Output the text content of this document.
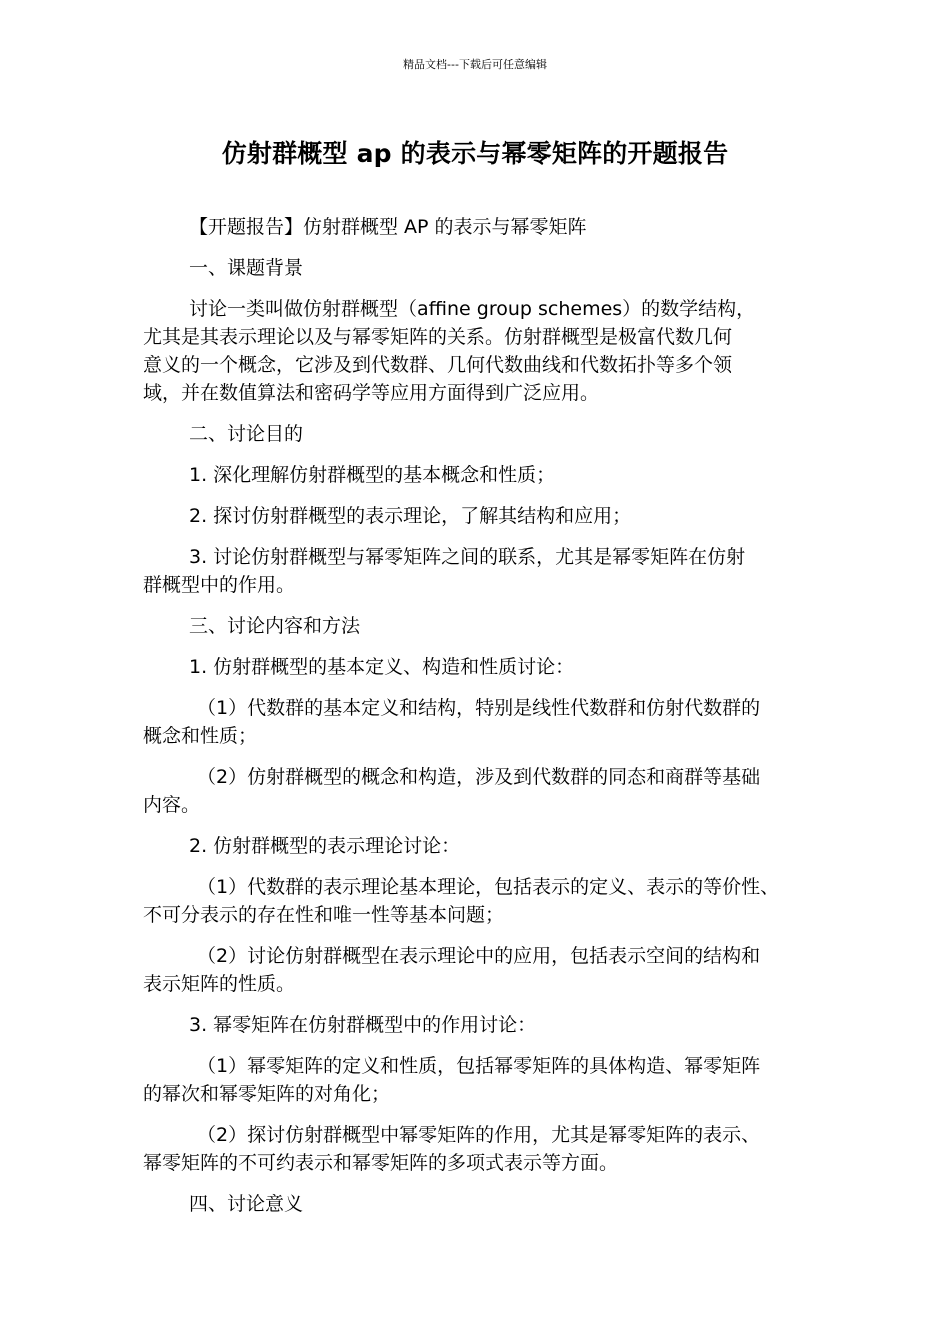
精品文档---下载后可任意编辑
仿射群概型 ap 的表示与幂零矩阵的开题报告

【开题报告】仿射群概型 AP 的表示与幂零矩阵

一、课题背景

讨论一类叫做仿射群概型（affine group schemes）的数学结构，
尤其是其表示理论以及与幂零矩阵的关系。仿射群概型是极富代数几何
意义的一个概念，它涉及到代数群、几何代数曲线和代数拓扑等多个领
域，并在数值算法和密码学等应用方面得到广泛应用。

二、讨论目的

1. 深化理解仿射群概型的基本概念和性质；

2. 探讨仿射群概型的表示理论，了解其结构和应用；

3. 讨论仿射群概型与幂零矩阵之间的联系，尤其是幂零矩阵在仿射
群概型中的作用。

三、讨论内容和方法

1. 仿射群概型的基本定义、构造和性质讨论：

（1）代数群的基本定义和结构，特别是线性代数群和仿射代数群的
概念和性质；

（2）仿射群概型的概念和构造，涉及到代数群的同态和商群等基础
内容。

2. 仿射群概型的表示理论讨论：

（1）代数群的表示理论基本理论，包括表示的定义、表示的等价性、
不可分表示的存在性和唯一性等基本问题；

（2）讨论仿射群概型在表示理论中的应用，包括表示空间的结构和
表示矩阵的性质。

3. 幂零矩阵在仿射群概型中的作用讨论：

（1）幂零矩阵的定义和性质，包括幂零矩阵的具体构造、幂零矩阵
的幂次和幂零矩阵的对角化；

（2）探讨仿射群概型中幂零矩阵的作用，尤其是幂零矩阵的表示、
幂零矩阵的不可约表示和幂零矩阵的多项式表示等方面。

四、讨论意义
